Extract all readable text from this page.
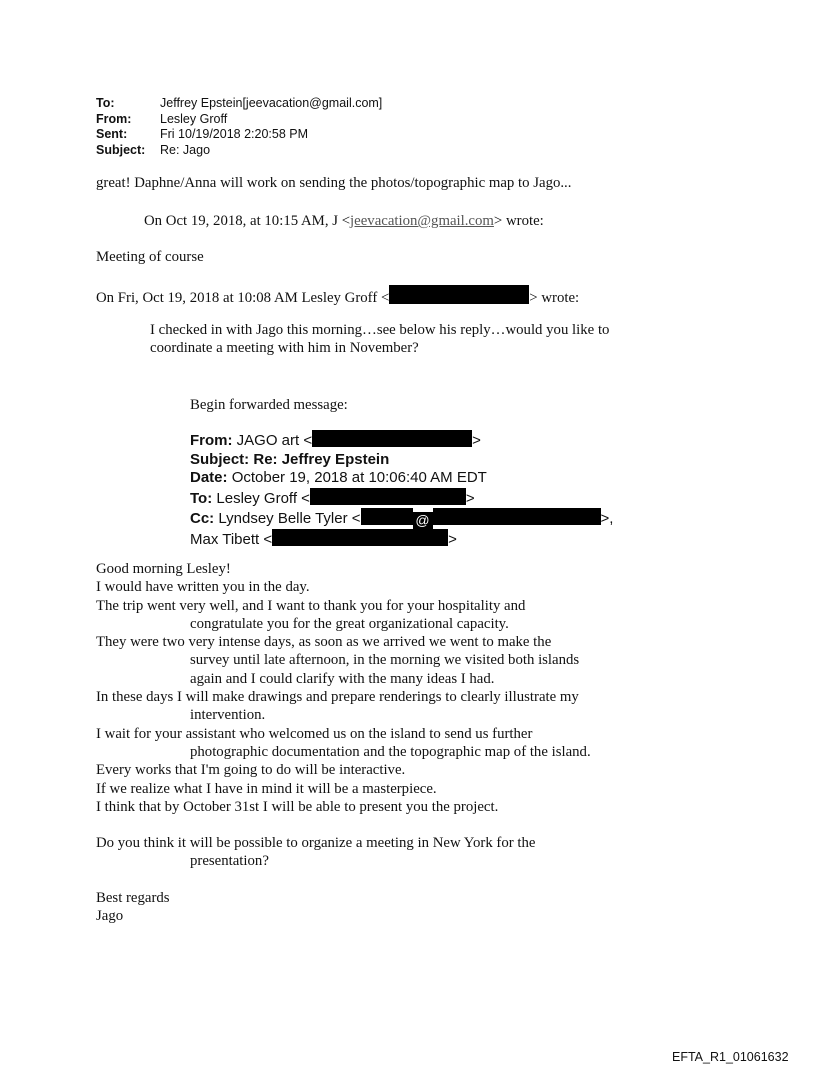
To:	Jeffrey Epstein[jeevacation@gmail.com]
From:	Lesley Groff
Sent:	Fri 10/19/2018 2:20:58 PM
Subject:	Re: Jago
great! Daphne/Anna will work on sending the photos/topographic map to Jago...
On Oct 19, 2018, at 10:15 AM, J <jeevacation@gmail.com> wrote:
Meeting of course
On Fri, Oct 19, 2018 at 10:08 AM Lesley Groff <	> wrote:
I checked in with Jago this morning…see below his reply…would you like to
coordinate a meeting with him in November?
Begin forwarded message:
From: JAGO art <	>
Subject: Re: Jeffrey Epstein
Date: October 19, 2018 at 10:06:40 AM EDT
To: Lesley Groff <	>
Cc: Lyndsey Belle Tyler <	@	>,
Max Tibett <	>
Good morning Lesley!
I would have written you in the day.
The trip went very well, and I want to thank you for your hospitality and
congratulate you for the great organizational capacity.
They were two very intense days, as soon as we arrived we went to make the
survey until late afternoon, in the morning we visited both islands
again and I could clarify with the many ideas I had.
In these days I will make drawings and prepare renderings to clearly illustrate my
intervention.
I wait for your assistant who welcomed us on the island to send us further
photographic documentation and the topographic map of the island.
Every works that I'm going to do will be interactive.
If we realize what I have in mind it will be a masterpiece.
I think that by October 31st I will be able to present you the project.
Do you think it will be possible to organize a meeting in New York for the
presentation?
Best regards
Jago
EFTA_R1_01061632
